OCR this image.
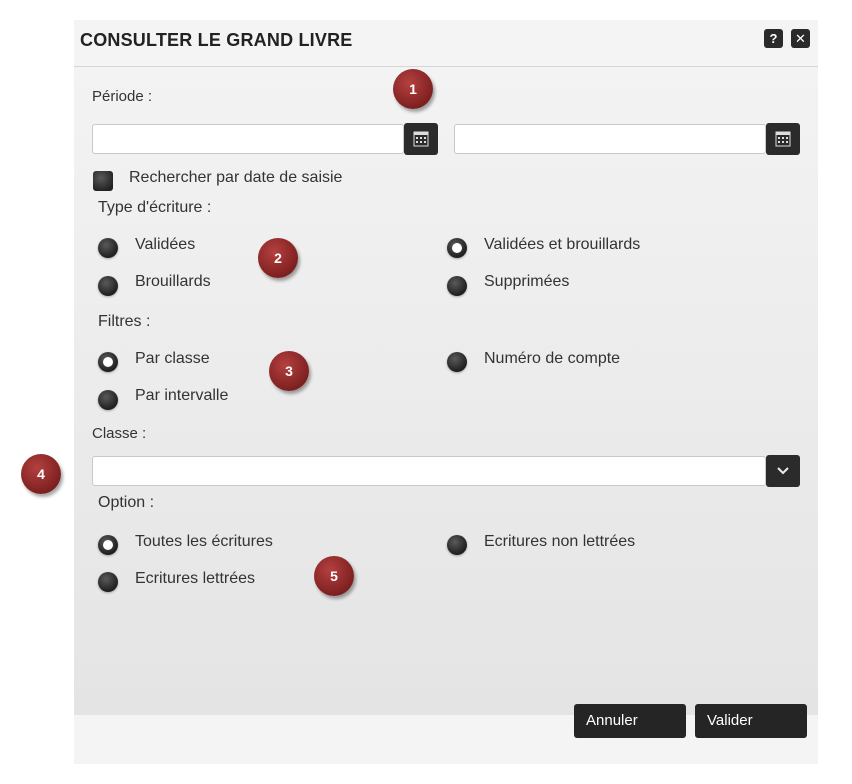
CONSULTER LE GRAND LIVRE	?	✕
Période :
Rechercher par date de saisie
Type d'écriture :
Validées	Validées et brouillards
Brouillards	Supprimées
Filtres :
Par classe	Numéro de compte
Par intervalle
Classe :
Option :
Toutes les écritures	Ecritures non lettrées
Ecritures lettrées
1
2
3
4
5
Annuler	Valider
